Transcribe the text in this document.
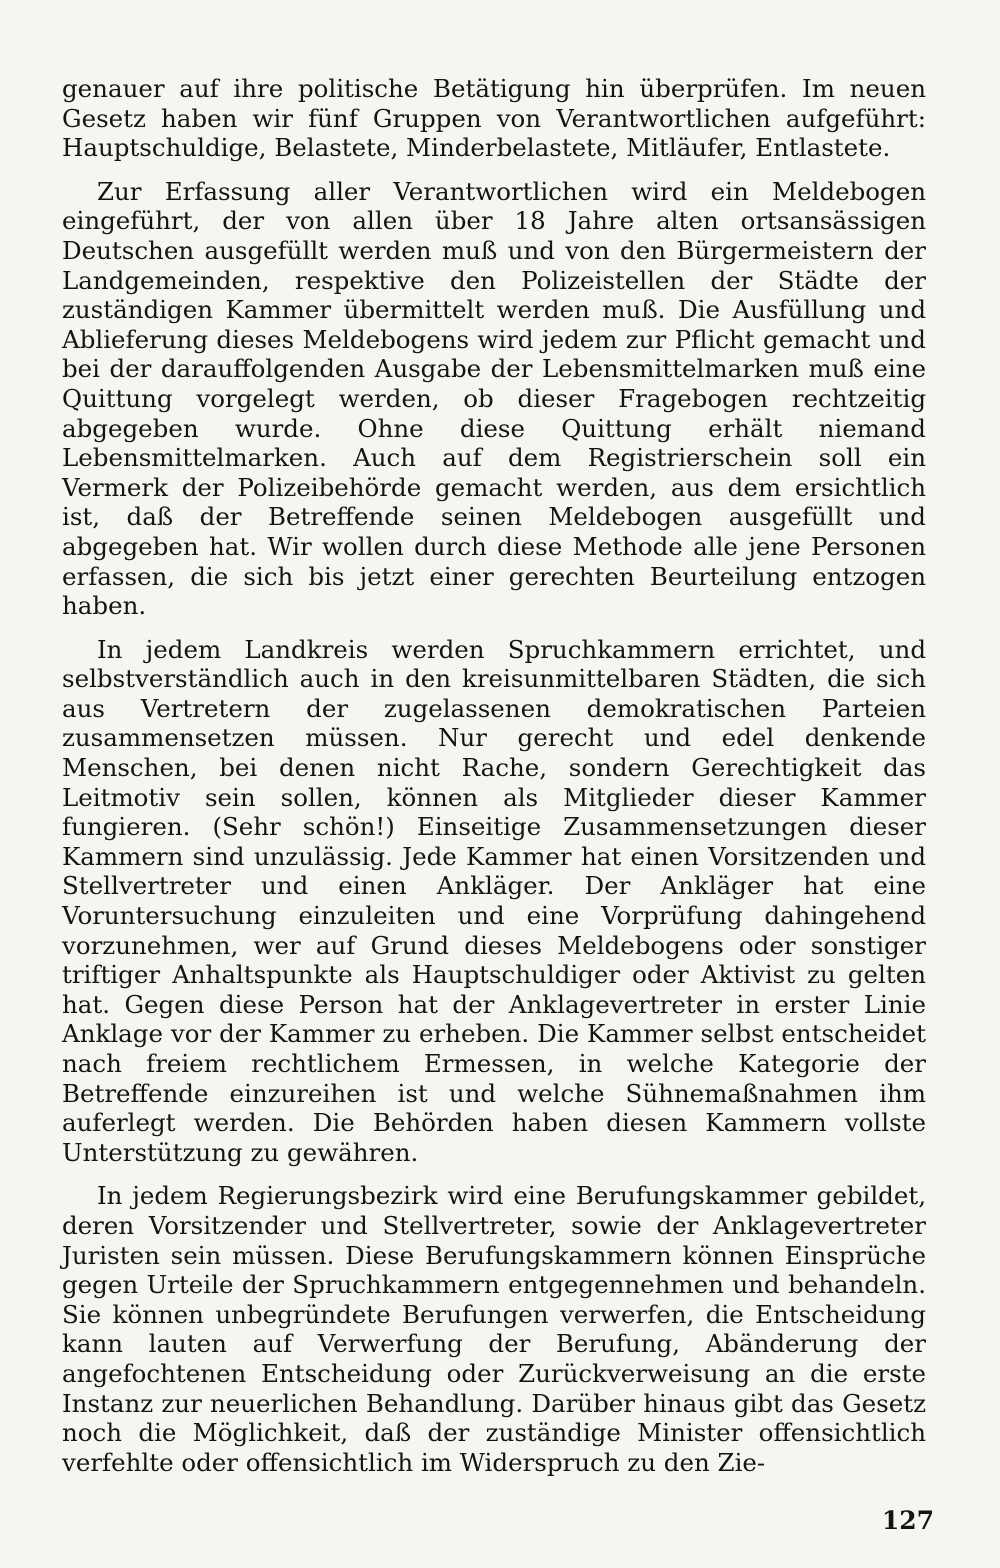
genauer auf ihre politische Betätigung hin überprüfen. Im neuen Gesetz haben wir fünf Gruppen von Verantwortlichen aufgeführt: Hauptschuldige, Belastete, Minderbelastete, Mitläufer, Entlastete.

Zur Erfassung aller Verantwortlichen wird ein Meldebogen eingeführt, der von allen über 18 Jahre alten ortsansässigen Deutschen ausgefüllt werden muß und von den Bürgermeistern der Landgemeinden, respektive den Polizeistellen der Städte der zuständigen Kammer übermittelt werden muß. Die Ausfüllung und Ablieferung dieses Meldebogens wird jedem zur Pflicht gemacht und bei der darauffolgenden Ausgabe der Lebensmittelmarken muß eine Quittung vorgelegt werden, ob dieser Fragebogen rechtzeitig abgegeben wurde. Ohne diese Quittung erhält niemand Lebensmittelmarken. Auch auf dem Registrierschein soll ein Vermerk der Polizeibehörde gemacht werden, aus dem ersichtlich ist, daß der Betreffende seinen Meldebogen ausgefüllt und abgegeben hat. Wir wollen durch diese Methode alle jene Personen erfassen, die sich bis jetzt einer gerechten Beurteilung entzogen haben.

In jedem Landkreis werden Spruchkammern errichtet, und selbstverständlich auch in den kreisunmittelbaren Städten, die sich aus Vertretern der zugelassenen demokratischen Parteien zusammensetzen müssen. Nur gerecht und edel denkende Menschen, bei denen nicht Rache, sondern Gerechtigkeit das Leitmotiv sein sollen, können als Mitglieder dieser Kammer fungieren. (Sehr schön!) Einseitige Zusammensetzungen dieser Kammern sind unzulässig. Jede Kammer hat einen Vorsitzenden und Stellvertreter und einen Ankläger. Der Ankläger hat eine Voruntersuchung einzuleiten und eine Vorprüfung dahingehend vorzunehmen, wer auf Grund dieses Meldebogens oder sonstiger triftiger Anhaltspunkte als Hauptschuldiger oder Aktivist zu gelten hat. Gegen diese Person hat der Anklagevertreter in erster Linie Anklage vor der Kammer zu erheben. Die Kammer selbst entscheidet nach freiem rechtlichem Ermessen, in welche Kategorie der Betreffende einzureihen ist und welche Sühnemaßnahmen ihm auferlegt werden. Die Behörden haben diesen Kammern vollste Unterstützung zu gewähren.

In jedem Regierungsbezirk wird eine Berufungskammer gebildet, deren Vorsitzender und Stellvertreter, sowie der Anklagevertreter Juristen sein müssen. Diese Berufungskammern können Einsprüche gegen Urteile der Spruchkammern entgegennehmen und behandeln. Sie können unbegründete Berufungen verwerfen, die Entscheidung kann lauten auf Verwerfung der Berufung, Abänderung der angefochtenen Entscheidung oder Zurückverweisung an die erste Instanz zur neuerlichen Behandlung. Darüber hinaus gibt das Gesetz noch die Möglichkeit, daß der zuständige Minister offensichtlich verfehlte oder offensichtlich im Widerspruch zu den Zie-

127
